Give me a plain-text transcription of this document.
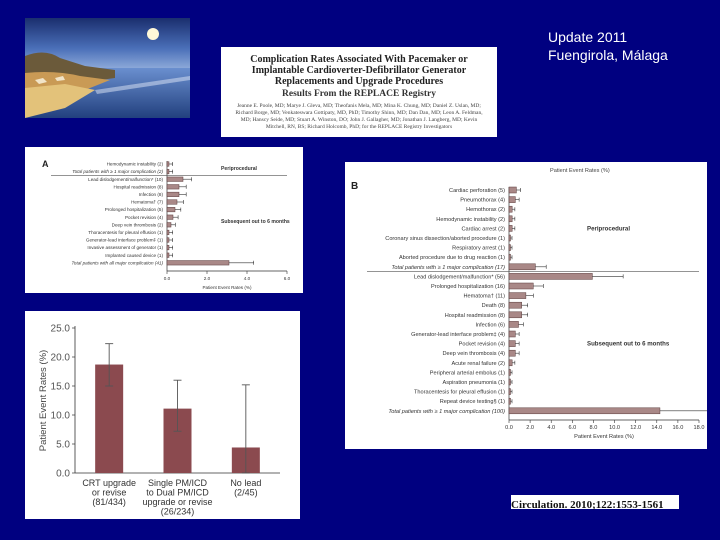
Update 2011
Fuengirola, Málaga
Complication Rates Associated With Pacemaker or Implantable Cardioverter-Defibrillator Generator Replacements and Upgrade Procedures
Results From the REPLACE Registry
Jeanne E. Poole, MD; Marye J. Gleva, MD; Theofanis Mela, MD; Mina K. Chung, MD; Daniel Z. Uslan, MD; Richard Borge, MD; Venkateswara Gottipaty, MD, PhD; Timothy Shinn, MD; Dan Dan, MD; Leon A. Feldman, MD; Hanscy Seide, MD; Stuart A. Winston, DO; John J. Gallagher, MD; Jonathan J. Langberg, MD; Kevin Mitchell, RN, BS; Richard Holcomb, PhD; for the REPLACE Registry Investigators
A	Periprocedural
Subsequent out to 6 months
Hemodynamic instability (2)
Total patients with ≥ 1 major complication (2)
Lead dislodgement/malfunction* (10)
Hospital readmission (8)
Infection (8)
Hematoma† (7)
Prolonged hospitalization (5)
Pocket revision (4)
Deep vein thrombosis (2)
Thoracentesis for pleural effusion (1)
Generator-lead interface problem‡ (1)
Invasive assessment of generator (1)
Implanted caused device (1)
Total patients with all major complication (41)
0.0	2.0	4.0	6.0
Patient Event Rates (%)
B
Patient Event Rates (%)
Periprocedural
Subsequent out to 6 months
Cardiac perforation (5)
Pneumothorax (4)
Hemothorax (2)
Hemodynamic instability (2)
Cardiac arrest (2)
Coronary sinus dissection/aborted procedure (1)
Respiratory arrest (1)
Aborted procedure due to drug reaction (1)
Total patients with ≥ 1 major complication (17)
Lead dislodgement/malfunction* (56)
Prolonged hospitalization (16)
Hematoma† (11)
Death (8)
Hospital readmission (8)
Infection (6)
Generator-lead interface problem‡ (4)
Pocket revision (4)
Deep vein thrombosis (4)
Acute renal failure (2)
Peripheral arterial embolus (1)
Aspiration pneumonia (1)
Thoracentesis for pleural effusion (1)
Repeat device testing§ (1)
Total patients with ≥ 1 major complication (100)
0.0 2.0 4.0 6.0 8.0 10.0 12.0 14.0 16.0 18.0
Patient Event Rates (%)
0.0
5.0
10.0
15.0
20.0
25.0
Patient Event Rates (%)
CRT upgrade
or revise
(81/434)
Single PM/ICD
to Dual PM/ICD
upgrade or revise
(26/234)
No lead
(2/45)
Circulation. 2010;122:1553-1561
